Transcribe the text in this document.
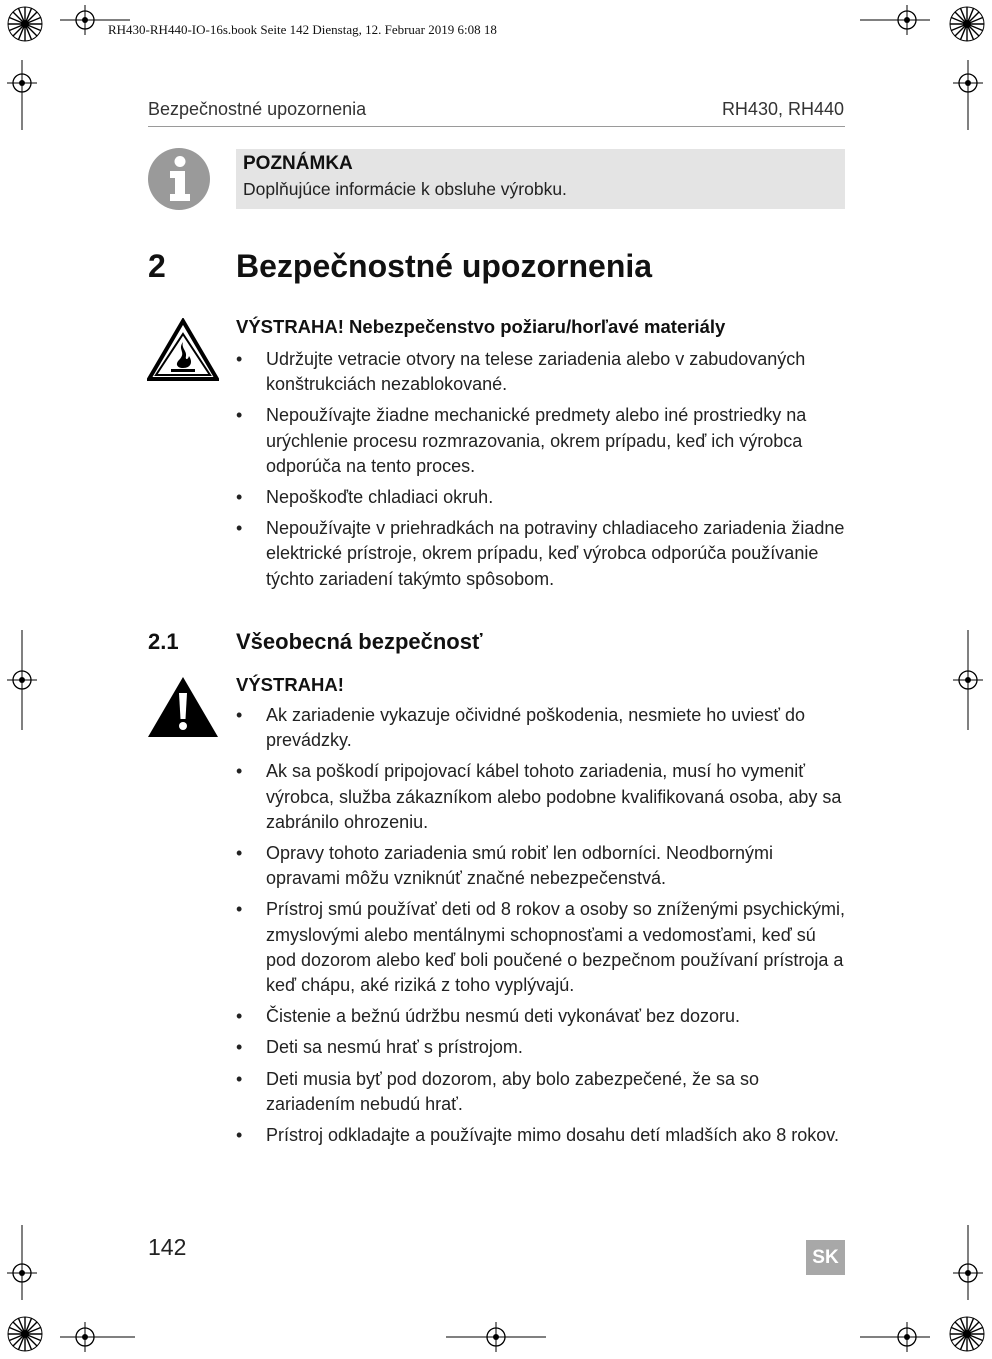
RH430-RH440-IO-16s.book Seite 142 Dienstag, 12. Februar 2019 6:08 18
Bezpečnostné upozornenia	RH430, RH440
POZNÁMKA
Doplňujúce informácie k obsluhe výrobku.
2 Bezpečnostné upozornenia
VÝSTRAHA! Nebezpečenstvo požiaru/horľavé materiály
• Udržujte vetracie otvory na telese zariadenia alebo v zabudovaných konštrukciách nezablokované.
• Nepoužívajte žiadne mechanické predmety alebo iné prostriedky na urýchlenie procesu rozmrazovania, okrem prípadu, keď ich výrobca odporúča na tento proces.
• Nepoškoďte chladiaci okruh.
• Nepoužívajte v priehradkách na potraviny chladiaceho zariadenia žiadne elektrické prístroje, okrem prípadu, keď výrobca odporúča používanie týchto zariadení takýmto spôsobom.
2.1	Všeobecná bezpečnosť
VÝSTRAHA!
• Ak zariadenie vykazuje očividné poškodenia, nesmiete ho uviesť do prevádzky.
• Ak sa poškodí pripojovací kábel tohoto zariadenia, musí ho vymeniť výrobca, služba zákazníkom alebo podobne kvalifikovaná osoba, aby sa zabránilo ohrozeniu.
• Opravy tohoto zariadenia smú robiť len odborníci. Neodbornými opravami môžu vzniknúť značné nebezpečenstvá.
• Prístroj smú používať deti od 8 rokov a osoby so zníženými psychickými, zmyslovými alebo mentálnymi schopnosťami a vedomosťami, keď sú pod dozorom alebo keď boli poučené o bezpečnom používaní prístroja a keď chápu, aké riziká z toho vyplývajú.
• Čistenie a bežnú údržbu nesmú deti vykonávať bez dozoru.
• Deti sa nesmú hrať s prístrojom.
• Deti musia byť pod dozorom, aby bolo zabezpečené, že sa so zariadením nebudú hrať.
• Prístroj odkladajte a používajte mimo dosahu detí mladších ako 8 rokov.
142	SK
